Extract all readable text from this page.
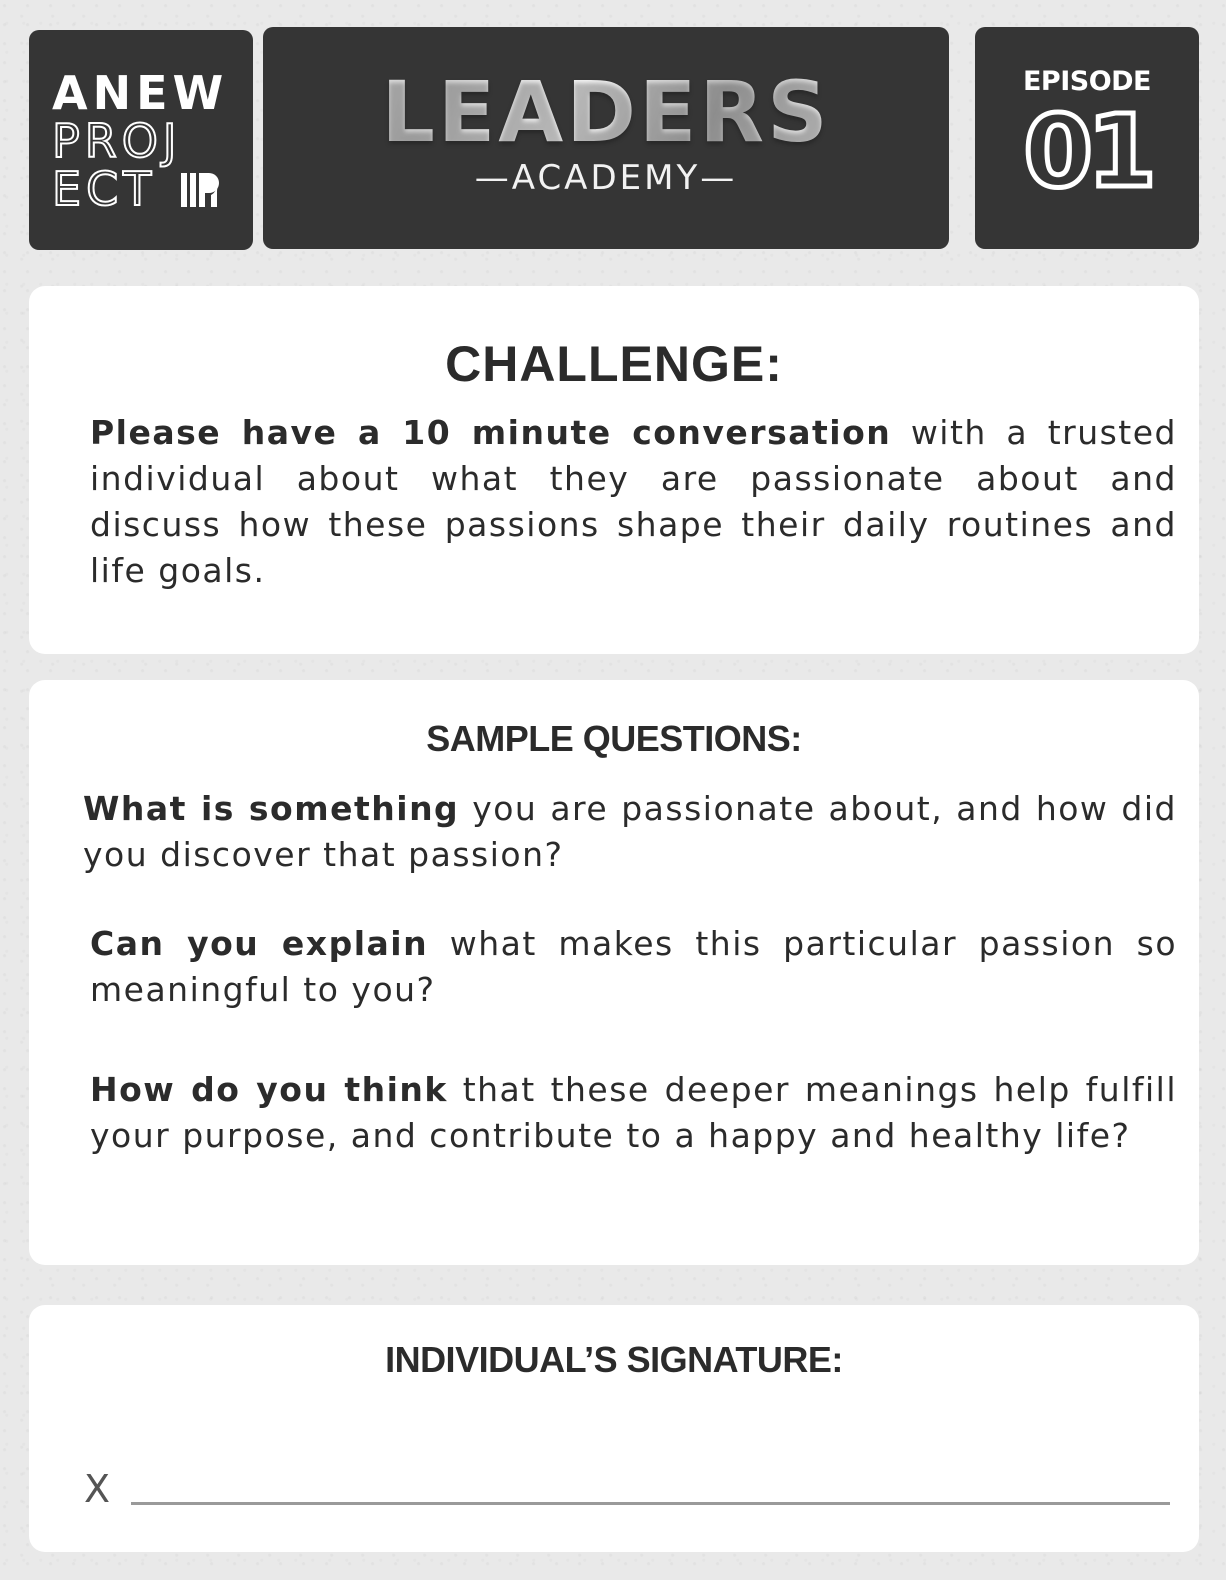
ANEW
PROJ
ECT
LEADERS
—ACADEMY—
EPISODE
01
CHALLENGE:

Please have a 10 minute conversation with a trusted individual about what they are passionate about and discuss how these passions shape their daily routines and life goals.

SAMPLE QUESTIONS:

What is something you are passionate about, and how did you discover that passion?

Can you explain what makes this particular passion so meaningful to you?

How do you think that these deeper meanings help fulfill your purpose, and contribute to a happy and healthy life?

INDIVIDUAL’S SIGNATURE:
X
